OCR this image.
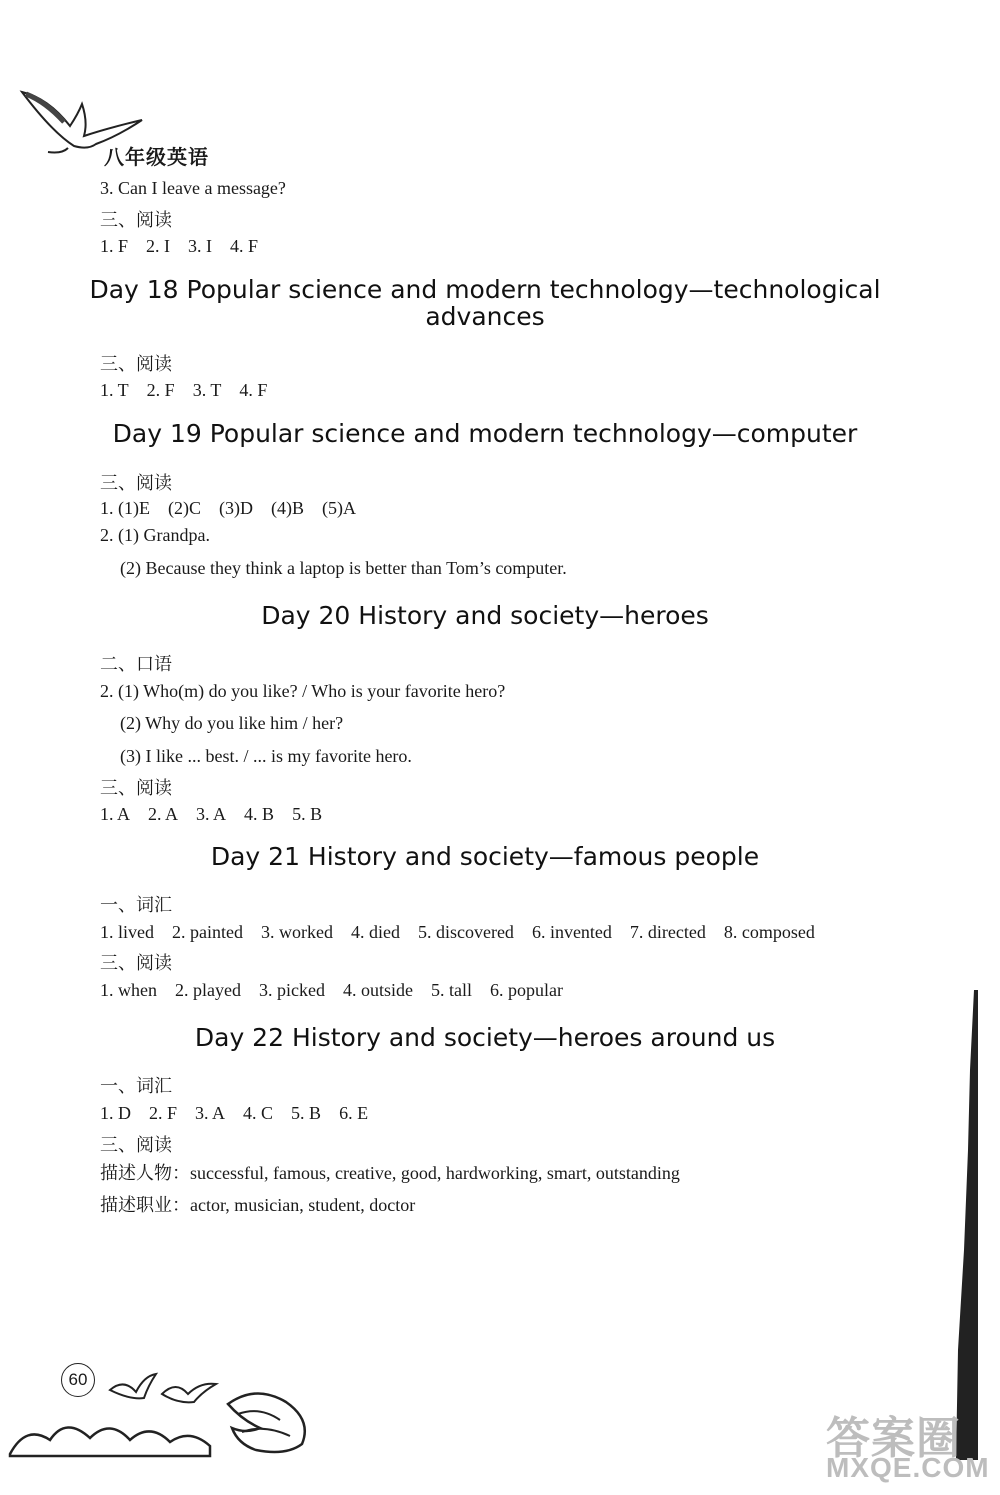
八年级英语
3. Can I leave a message?
三、阅读
1. F 2. I 3. I 4. F
Day 18 Popular science and modern technology—technological
advances
三、阅读
1. T 2. F 3. T 4. F
Day 19 Popular science and modern technology—computer
三、阅读
1. (1)E (2)C (3)D (4)B (5)A
2. (1) Grandpa.
(2) Because they think a laptop is better than Tom’s computer.
Day 20 History and society—heroes
二、口语
2. (1) Who(m) do you like? / Who is your favorite hero?
(2) Why do you like him / her?
(3) I like ... best. / ... is my favorite hero.
三、阅读
1. A 2. A 3. A 4. B 5. B
Day 21 History and society—famous people
一、词汇
1. lived 2. painted 3. worked 4. died 5. discovered 6. invented 7. directed 8. composed
三、阅读
1. when 2. played 3. picked 4. outside 5. tall 6. popular
Day 22 History and society—heroes around us
一、词汇
1. D 2. F 3. A 4. C 5. B 6. E
三、阅读
描述人物：successful, famous, creative, good, hardworking, smart, outstanding
描述职业：actor, musician, student, doctor
60
答案圈
MXQE.COM
